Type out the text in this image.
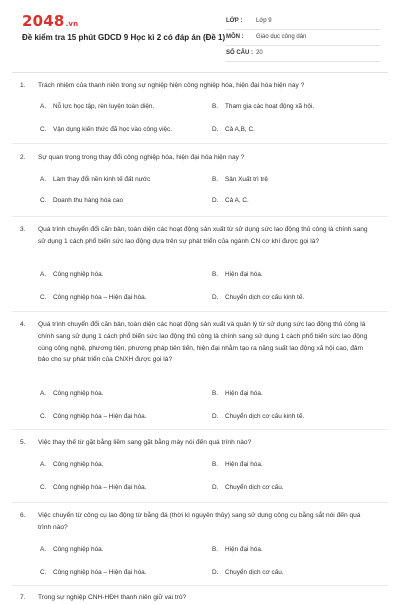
2048.vn
Đề kiểm tra 15 phút GDCD 9 Học kì 2 có đáp án (Đề 1)
LỚP : Lớp 9
MÔN : Giáo dục công dân
SỐ CÂU : 20
1. Trách nhiệm của thanh niên trong sự nghiệp hiện công nghiệp hóa, hiện đại hóa hiện nay ?
A. Nỗ lực học tập, rèn luyện toàn diện.	B. Tham gia các hoạt động xã hội.
C. Vận dụng kiến thức đã học vào công việc.	D. Cả A,B, C.
2. Sự quan trọng trong thay đổi công nghiệp hóa, hiện đại hóa hiện nay ?
A. Làm thay đổi nền kinh tế đất nước	B. Sản Xuất trì trệ
C. Doanh thu hàng hóa cao	D. Cả A, C.
3. Quá trình chuyển đổi căn bản, toàn diện các hoạt động sản xuất từ sử dụng sức lao động thủ công là chính sang sử dụng 1 cách phổ biến sức lao động dựa trên sự phát triển của ngành CN cơ khí được gọi là?
A. Công nghiệp hóa.	B. Hiện đại hóa.
C. Công nghiệp hóa – Hiện đại hóa.	D. Chuyển dịch cơ cấu kinh tế.
4. Quá trình chuyển đổi căn bản, toàn diện các hoạt động sản xuất và quản lý từ sử dụng sức lao động thủ công là chính sang sử dụng 1 cách phổ biến sức lao động thủ công là chính sang sử dụng 1 cách phổ biến sức lao động cùng công nghệ, phương tiện, phương pháp tiên tiến, hiện đại nhằm tạo ra năng suất lao động xã hội cao, đảm bảo cho sự phát triển của CNXH được gọi là?
A. Công nghiệp hóa.	B. Hiện đại hóa.
C. Công nghiệp hóa – Hiện đại hóa.	D. Chuyển dịch cơ cấu kinh tế.
5. Việc thay thế từ gặt bằng liềm sang gặt bằng máy nói đến quá trình nào?
A. Công nghiệp hóa.	B. Hiện đại hóa.
C. Công nghiệp hóa – Hiện đại hóa.	D. Chuyển dịch cơ cấu.
6. Việc chuyển từ công cụ lao động từ bằng đá (thời kì nguyên thủy) sang sử dụng công cụ bằng sắt nói đến quá trình nào?
A. Công nghiệp hóa.	B. Hiện đại hóa.
C. Công nghiệp hóa – Hiện đại hóa.	D. Chuyển dịch cơ cấu.
7. Trong sự nghiệp CNH-HĐH thanh niên giữ vai trò?
